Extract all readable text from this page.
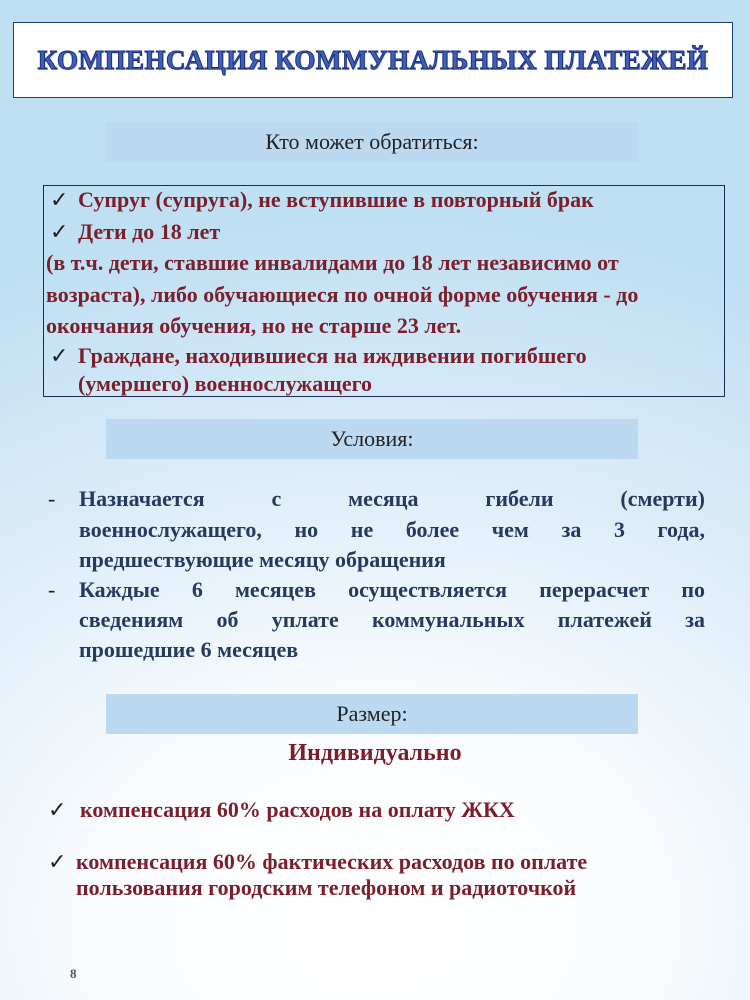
КОМПЕНСАЦИЯ КОММУНАЛЬНЫХ ПЛАТЕЖЕЙ
Кто может обратиться:
✓ Супруг (супруга), не вступившие в повторный брак
✓ Дети до 18 лет
(в т.ч. дети, ставшие инвалидами до 18 лет независимо от
возраста), либо обучающиеся по очной форме обучения - до
окончания обучения, но не старше 23 лет.
✓ Граждане, находившиеся на иждивении погибшего
(умершего) военнослужащего
Условия:
- Назначается с месяца гибели (смерти)
военнослужащего, но не более чем за 3 года,
предшествующие месяцу обращения
- Каждые 6 месяцев осуществляется перерасчет по
сведениям об уплате коммунальных платежей за
прошедшие 6 месяцев
Размер:
Индивидуально
✓ компенсация 60% расходов на оплату ЖКХ
✓ компенсация 60% фактических расходов по оплате
пользования городским телефоном и радиоточкой
8
